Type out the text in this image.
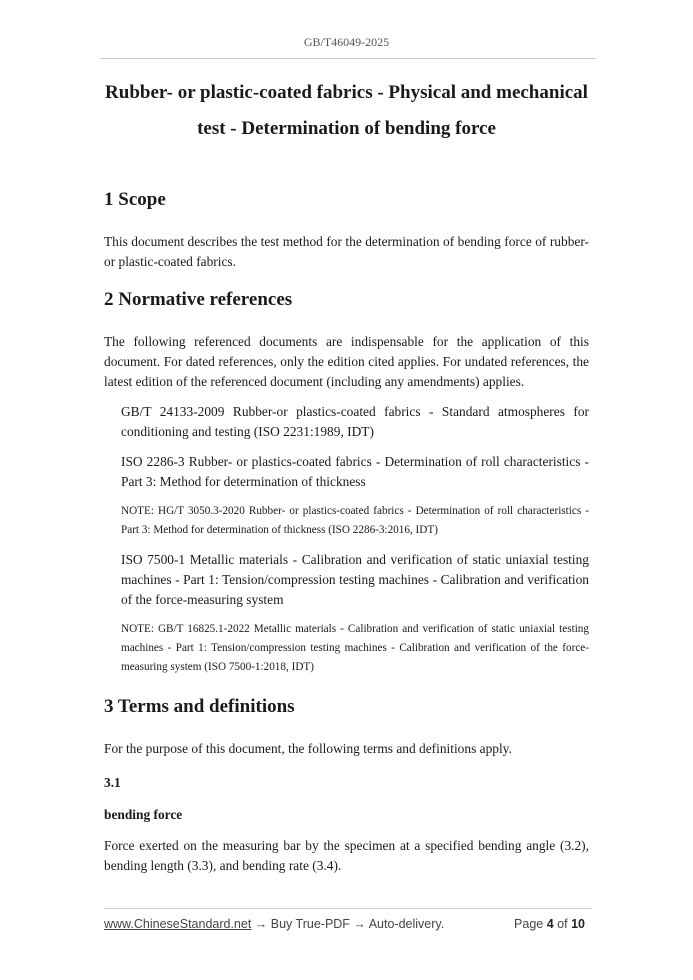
GB/T46049-2025
Rubber- or plastic-coated fabrics - Physical and mechanical
test - Determination of bending force
1 Scope
This document describes the test method for the determination of bending force of rubber- or plastic-coated fabrics.
2 Normative references
The following referenced documents are indispensable for the application of this document. For dated references, only the edition cited applies. For undated references, the latest edition of the referenced document (including any amendments) applies.
GB/T 24133-2009 Rubber-or plastics-coated fabrics - Standard atmospheres for conditioning and testing (ISO 2231:1989, IDT)
ISO 2286-3 Rubber- or plastics-coated fabrics - Determination of roll characteristics - Part 3: Method for determination of thickness
NOTE: HG/T 3050.3-2020 Rubber- or plastics-coated fabrics - Determination of roll characteristics - Part 3: Method for determination of thickness (ISO 2286-3:2016, IDT)
ISO 7500-1 Metallic materials - Calibration and verification of static uniaxial testing machines - Part 1: Tension/compression testing machines - Calibration and verification of the force-measuring system
NOTE: GB/T 16825.1-2022 Metallic materials - Calibration and verification of static uniaxial testing machines - Part 1: Tension/compression testing machines - Calibration and verification of the force-measuring system (ISO 7500-1:2018, IDT)
3 Terms and definitions
For the purpose of this document, the following terms and definitions apply.
3.1
bending force
Force exerted on the measuring bar by the specimen at a specified bending angle (3.2), bending length (3.3), and bending rate (3.4).
www.ChineseStandard.net → Buy True-PDF → Auto-delivery.	Page 4 of 10
